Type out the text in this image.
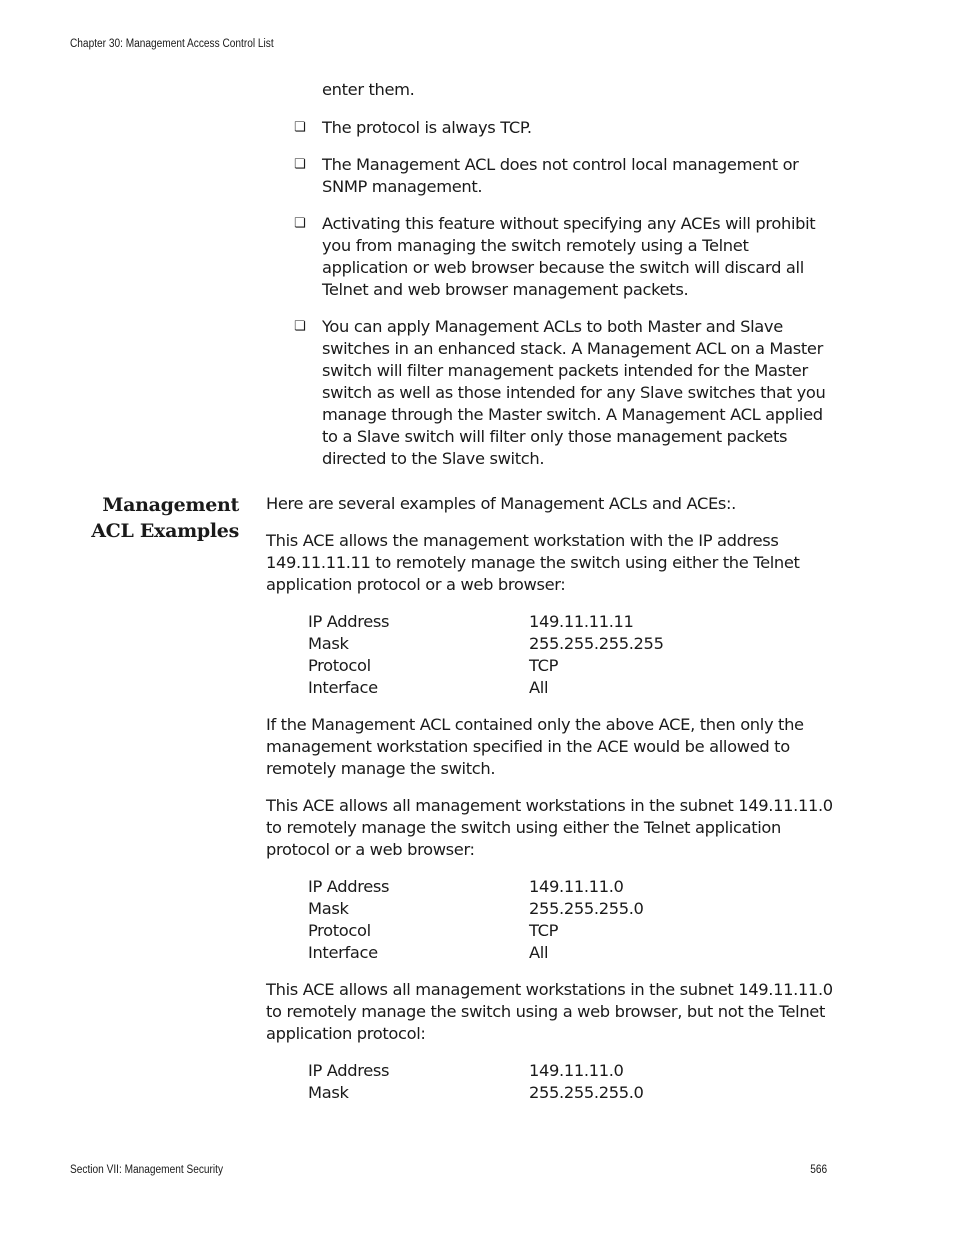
Chapter 30: Management Access Control List
enter them.
❏	The protocol is always TCP.
❏	The Management ACL does not control local management or SNMP management.
❏	Activating this feature without specifying any ACEs will prohibit you from managing the switch remotely using a Telnet application or web browser because the switch will discard all Telnet and web browser management packets.
❏	You can apply Management ACLs to both Master and Slave switches in an enhanced stack. A Management ACL on a Master switch will filter management packets intended for the Master switch as well as those intended for any Slave switches that you manage through the Master switch. A Management ACL applied to a Slave switch will filter only those management packets directed to the Slave switch.
Management
ACL Examples
Here are several examples of Management ACLs and ACEs:.
This ACE allows the management workstation with the IP address 149.11.11.11 to remotely manage the switch using either the Telnet application protocol or a web browser:
IP Address	149.11.11.11
Mask	255.255.255.255
Protocol	TCP
Interface	All
If the Management ACL contained only the above ACE, then only the management workstation specified in the ACE would be allowed to remotely manage the switch.
This ACE allows all management workstations in the subnet 149.11.11.0 to remotely manage the switch using either the Telnet application protocol or a web browser:
IP Address	149.11.11.0
Mask	255.255.255.0
Protocol	TCP
Interface	All
This ACE allows all management workstations in the subnet 149.11.11.0 to remotely manage the switch using a web browser, but not the Telnet application protocol:
IP Address	149.11.11.0
Mask	255.255.255.0
Section VII: Management Security	566
